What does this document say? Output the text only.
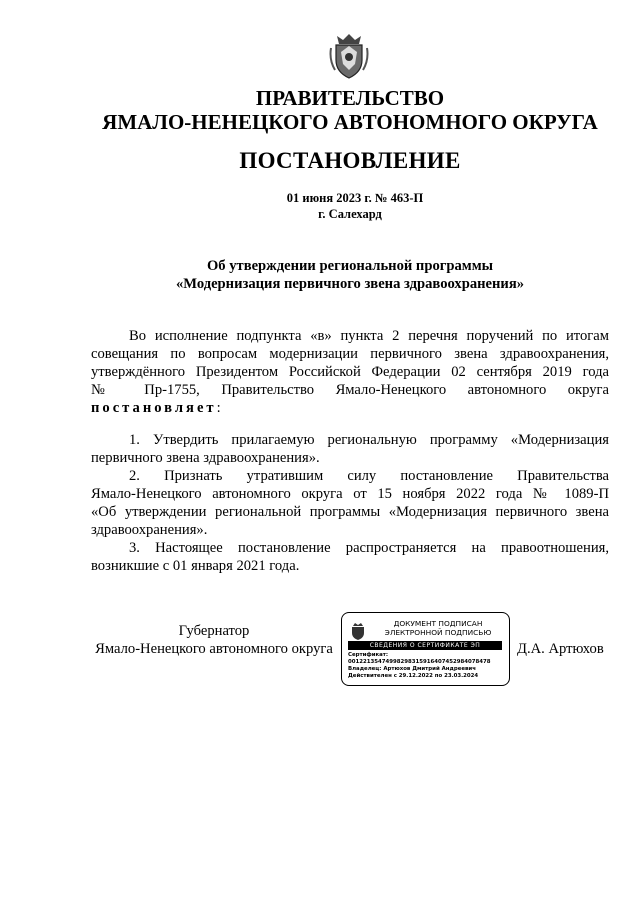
ПРАВИТЕЛЬСТВО
ЯМАЛО-НЕНЕЦКОГО АВТОНОМНОГО ОКРУГА
ПОСТАНОВЛЕНИЕ
01 июня 2023 г. № 463-П
г. Салехард
Об утверждении региональной программы
«Модернизация первичного звена здравоохранения»
Во исполнение подпункта «в» пункта 2 перечня поручений по итогам
совещания по вопросам модернизации первичного звена здравоохранения,
утверждённого Президентом Российской Федерации 02 сентября 2019 года
№ Пр-1755, Правительство Ямало-Ненецкого автономного округа
постановляет:
1. Утвердить прилагаемую региональную программу «Модернизация
первичного звена здравоохранения».
2. Признать утратившим силу постановление Правительства
Ямало-Ненецкого автономного округа от 15 ноября 2022 года № 1089-П
«Об утверждении региональной программы «Модернизация первичного звена
здравоохранения».
3. Настоящее постановление распространяется на правоотношения,
возникшие с 01 января 2021 года.
Губернатор
Ямало-Ненецкого автономного округа	Д.А. Артюхов
ДОКУМЕНТ ПОДПИСАН
ЭЛЕКТРОННОЙ ПОДПИСЬЮ
СВЕДЕНИЯ О СЕРТИФИКАТЕ ЭП
Сертификат:
00122135474998298315916407452984078478
Владелец: Артюхов Дмитрий Андреевич
Действителен с 29.12.2022 по 23.03.2024
